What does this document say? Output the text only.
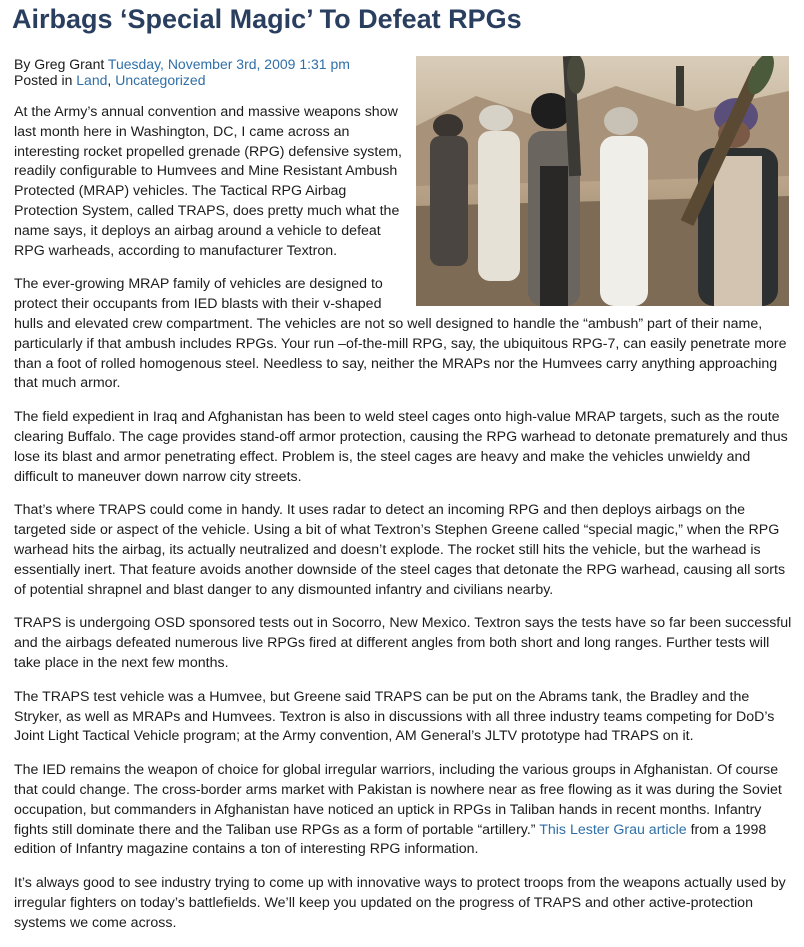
Airbags ‘Special Magic’ To Defeat RPGs
By Greg Grant Tuesday, November 3rd, 2009 1:31 pm
Posted in Land, Uncategorized

At the Army’s annual convention and massive weapons show last month here in Washington, DC, I came across an interesting rocket propelled grenade (RPG) defensive system, readily configurable to Humvees and Mine Resistant Ambush Protected (MRAP) vehicles. The Tactical RPG Airbag Protection System, called TRAPS, does pretty much what the name says, it deploys an airbag around a vehicle to defeat RPG warheads, according to manufacturer Textron.

The ever-growing MRAP family of vehicles are designed to protect their occupants from IED blasts with their v-shaped
hulls and elevated crew compartment. The vehicles are not so well designed to handle the “ambush” part of their name, particularly if that ambush includes RPGs. Your run –of-the-mill RPG, say, the ubiquitous RPG-7, can easily penetrate more than a foot of rolled homogenous steel. Needless to say, neither the MRAPs nor the Humvees carry anything approaching that much armor.

The field expedient in Iraq and Afghanistan has been to weld steel cages onto high-value MRAP targets, such as the route clearing Buffalo. The cage provides stand-off armor protection, causing the RPG warhead to detonate prematurely and thus lose its blast and armor penetrating effect. Problem is, the steel cages are heavy and make the vehicles unwieldy and difficult to maneuver down narrow city streets.

That’s where TRAPS could come in handy. It uses radar to detect an incoming RPG and then deploys airbags on the targeted side or aspect of the vehicle. Using a bit of what Textron’s Stephen Greene called “special magic,” when the RPG warhead hits the airbag, its actually neutralized and doesn’t explode. The rocket still hits the vehicle, but the warhead is essentially inert. That feature avoids another downside of the steel cages that detonate the RPG warhead, causing all sorts of potential shrapnel and blast danger to any dismounted infantry and civilians nearby.

TRAPS is undergoing OSD sponsored tests out in Socorro, New Mexico. Textron says the tests have so far been successful and the airbags defeated numerous live RPGs fired at different angles from both short and long ranges. Further tests will take place in the next few months.

The TRAPS test vehicle was a Humvee, but Greene said TRAPS can be put on the Abrams tank, the Bradley and the Stryker, as well as MRAPs and Humvees. Textron is also in discussions with all three industry teams competing for DoD’s Joint Light Tactical Vehicle program; at the Army convention, AM General’s JLTV prototype had TRAPS on it.

The IED remains the weapon of choice for global irregular warriors, including the various groups in Afghanistan. Of course that could change. The cross-border arms market with Pakistan is nowhere near as free flowing as it was during the Soviet occupation, but commanders in Afghanistan have noticed an uptick in RPGs in Taliban hands in recent months. Infantry fights still dominate there and the Taliban use RPGs as a form of portable “artillery.” This Lester Grau article from a 1998 edition of Infantry magazine contains a ton of interesting RPG information.

It’s always good to see industry trying to come up with innovative ways to protect troops from the weapons actually used by irregular fighters on today’s battlefields. We’ll keep you updated on the progress of TRAPS and other active-protection systems we come across.
